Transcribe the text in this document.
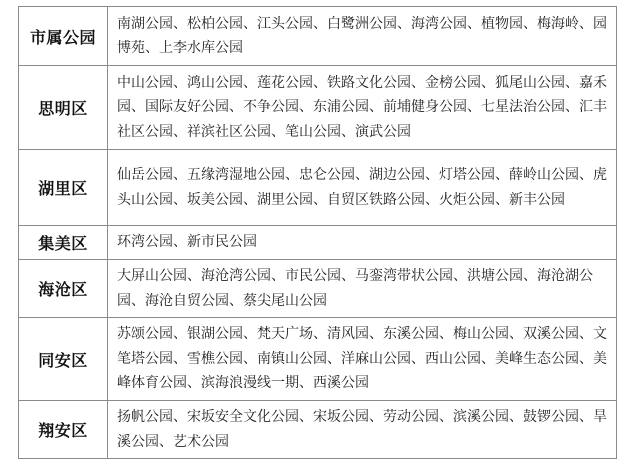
市属公园	南湖公园、松柏公园、江头公园、白鹭洲公园、海湾公园、植物园、梅海岭、园博苑、上李水库公园
思明区	中山公园、鸿山公园、莲花公园、铁路文化公园、金榜公园、狐尾山公园、嘉禾园、国际友好公园、不争公园、东浦公园、前埔健身公园、七星法治公园、汇丰社区公园、祥滨社区公园、笔山公园、演武公园
湖里区	仙岳公园、五缘湾湿地公园、忠仑公园、湖边公园、灯塔公园、薛岭山公园、虎头山公园、坂美公园、湖里公园、自贸区铁路公园、火炬公园、新丰公园
集美区	环湾公园、新市民公园
海沧区	大屏山公园、海沧湾公园、市民公园、马銮湾带状公园、洪塘公园、海沧湖公园、海沧自贸公园、蔡尖尾山公园
同安区	苏颂公园、银湖公园、梵天广场、清风园、东溪公园、梅山公园、双溪公园、文笔塔公园、雪樵公园、南镇山公园、洋麻山公园、西山公园、美峰生态公园、美峰体育公园、滨海浪漫线一期、西溪公园
翔安区	扬帆公园、宋坂安全文化公园、宋坂公园、劳动公园、滨溪公园、鼓锣公园、旱溪公园、艺术公园
